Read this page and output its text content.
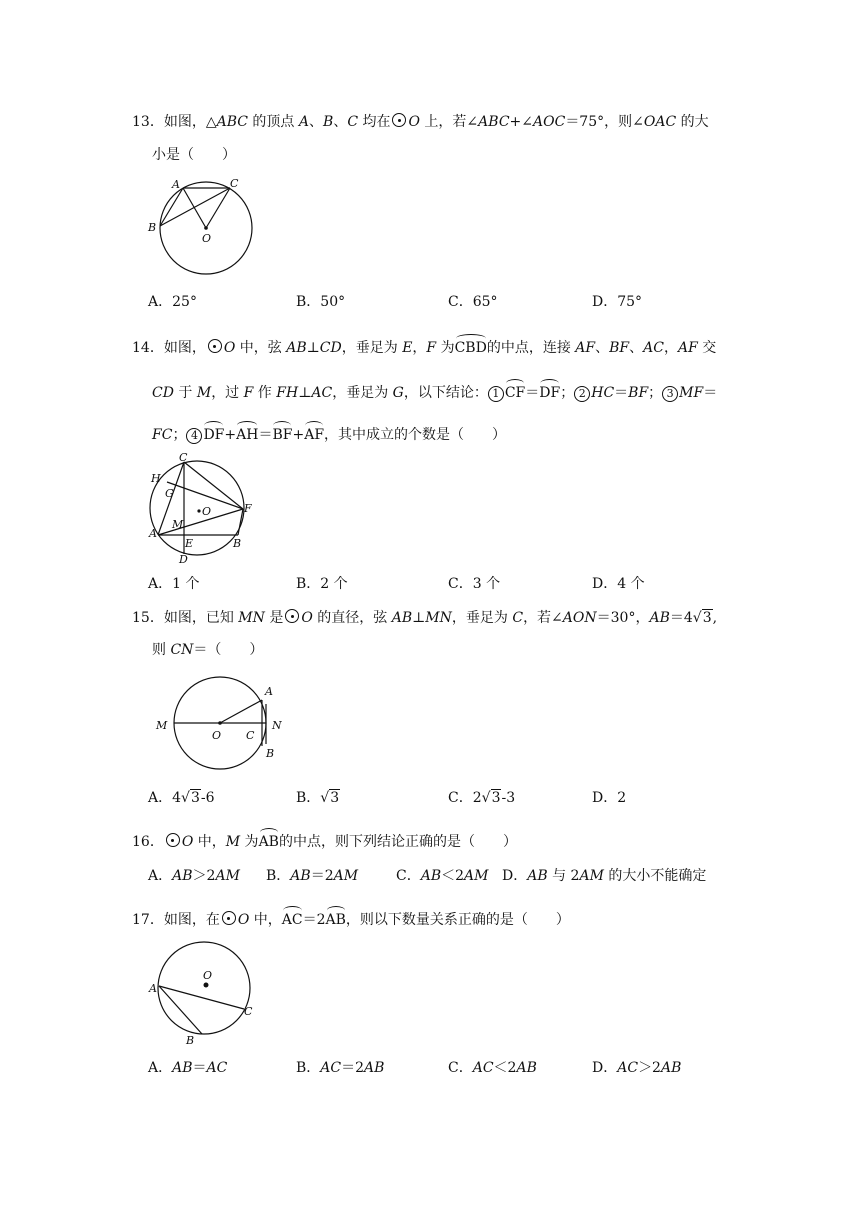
13．如图，△ABC 的顶点 A、B、C 均在 O 上，若∠ABC+∠AOC＝75°，则∠OAC 的大
小是（　　）
A	C
B
O
A．25°	B．50°	C．65°	D．75°
14．如图， O 中，弦 AB⊥CD，垂足为 E，F 为CBD的中点，连接 AF、BF、AC，AF 交
CD 于 M，过 F 作 FH⊥AC，垂足为 G，以下结论： 1 CF＝DF； 2 HC＝BF； 3 MF＝
FC； 4 DF+AH＝BF+AF，其中成立的个数是（　　）
C
H
G
O	F
M
A
E	B
D
A．1 个	B．2 个	C．3 个	D．4 个
15．如图，已知 MN 是 O 的直径，弦 AB⊥MN，垂足为 C，若∠AON＝30°，AB＝4√3,
则 CN＝（　　）
M
O C
N
A
B
A．4√3-6	B．√3	C．2√3-3	D．2
16． O 中，M 为AB的中点，则下列结论正确的是（　　）
A．AB＞2AM B．AB＝2AM	C．AB＜2AM D．AB 与 2AM 的大小不能确定
17．如图，在 O 中，AC＝2AB，则以下数量关系正确的是（　　）
O
A
C
B
A．AB＝AC	B．AC＝2AB	C．AC＜2AB	D．AC＞2AB
